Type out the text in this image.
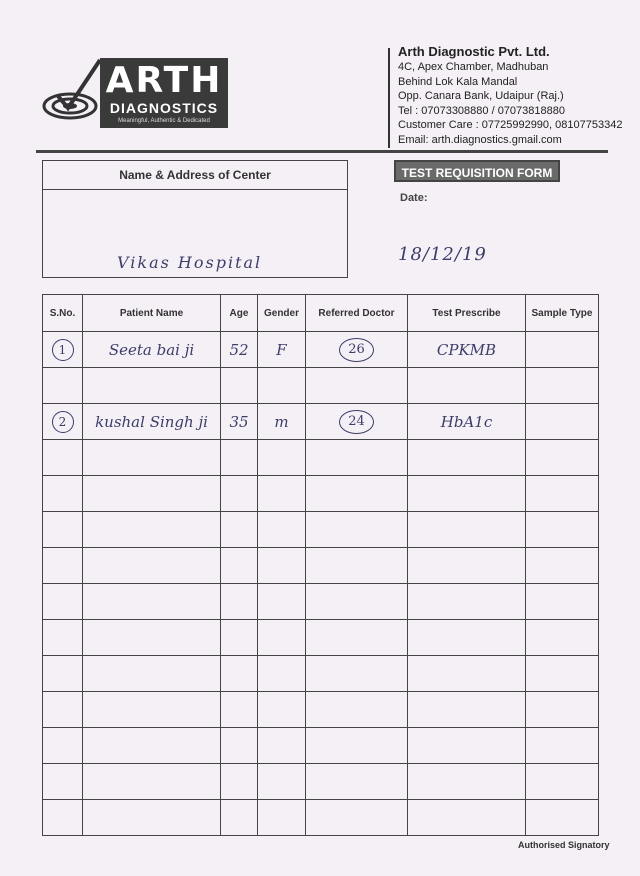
ARTH
DIAGNOSTICS
Meaningful, Authentic & Dedicated
Arth Diagnostic Pvt. Ltd.
4C, Apex Chamber, Madhuban
Behind Lok Kala Mandal
Opp. Canara Bank, Udaipur (Raj.)
Tel : 07073308880 / 07073818880
Customer Care : 07725992990, 08107753342
Email: arth.diagnostics.gmail.com
Name & Address of Center
Vikas Hospital
TEST REQUISITION FORM
Date:
18/12/19
S.No.	Patient Name	Age	Gender	Referred Doctor	Test Prescribe	Sample Type
1	Seeta bai ji	52	F	26	CPKMB	

2	kushal Singh ji	35	m	24	HbA1c	

Authorised Signatory
